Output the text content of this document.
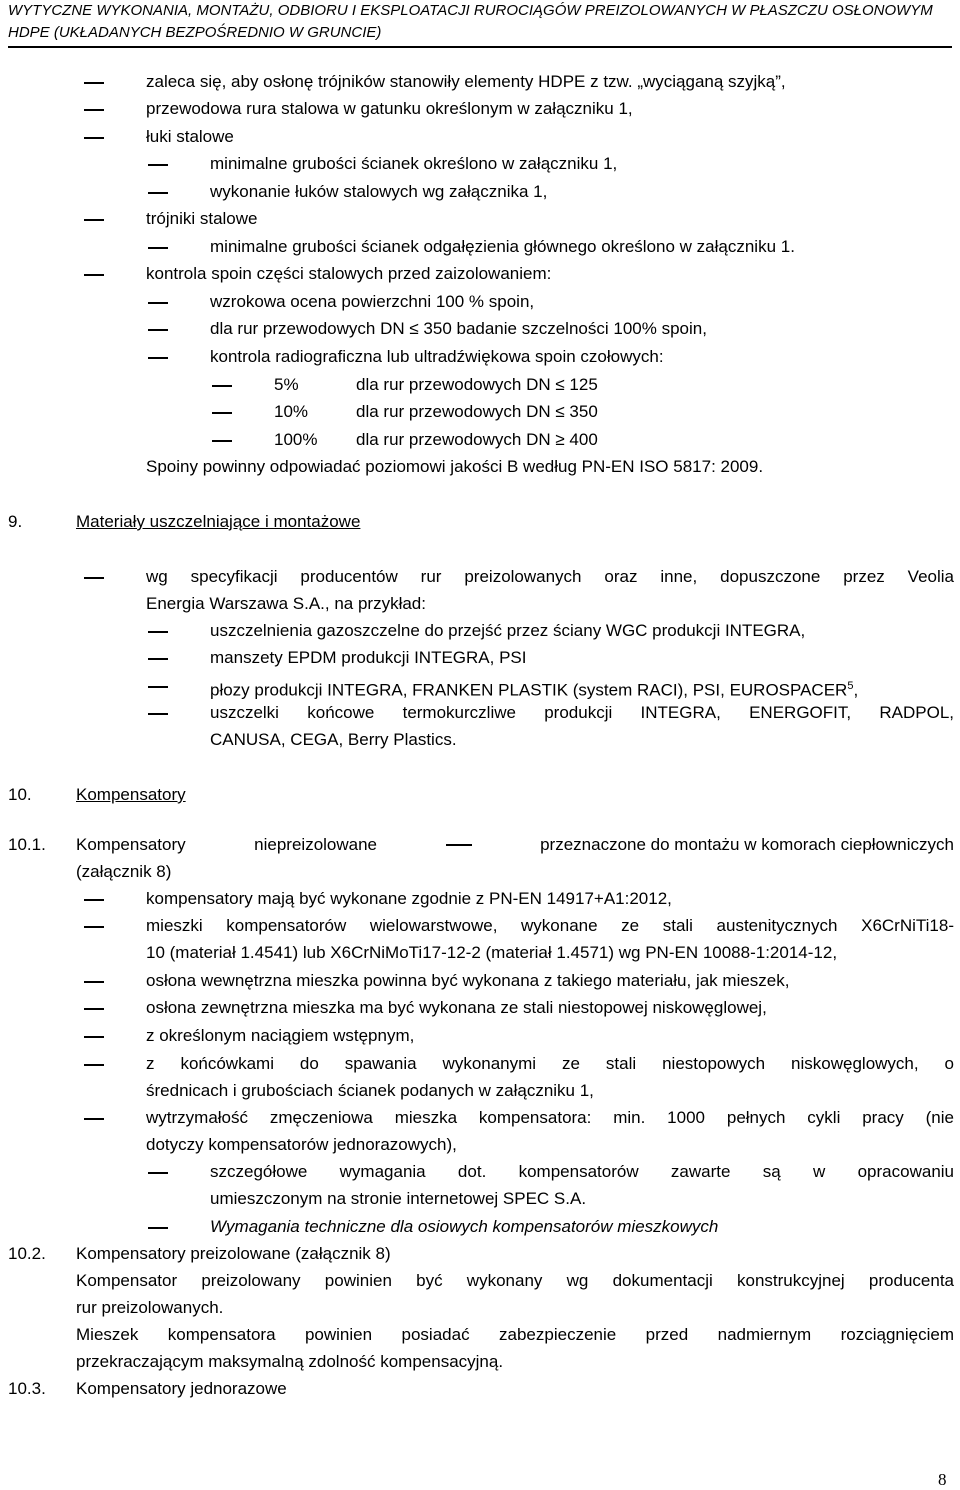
WYTYCZNE WYKONANIA, MONTAŻU, ODBIORU I EKSPLOATACJI RUROCIĄGÓW PREIZOLOWANYCH W PŁASZCZU OSŁONOWYM
HDPE (UKŁADANYCH BEZPOŚREDNIO W GRUNCIE)
zaleca się, aby osłonę trójników stanowiły elementy HDPE z tzw. „wyciąganą szyjką”,
przewodowa rura stalowa w gatunku określonym w załączniku 1,
łuki stalowe
minimalne grubości ścianek określono w załączniku 1,
wykonanie łuków stalowych wg załącznika 1,
trójniki stalowe
minimalne grubości ścianek odgałęzienia głównego określono w załączniku 1.
kontrola spoin części stalowych przed zaizolowaniem:
wzrokowa ocena powierzchni 100 % spoin,
dla rur przewodowych DN ≤ 350 badanie szczelności 100% spoin,
kontrola radiograficzna lub ultradźwiękowa spoin czołowych:
5%	dla rur przewodowych DN ≤ 125
10%	dla rur przewodowych DN ≤ 350
100% dla rur przewodowych DN ≥ 400
Spoiny powinny odpowiadać poziomowi jakości B według PN-EN ISO 5817: 2009.
9.	Materiały uszczelniające i montażowe
wg specyfikacji producentów rur preizolowanych oraz inne, dopuszczone przez Veolia
Energia Warszawa S.A., na przykład:
uszczelnienia gazoszczelne do przejść przez ściany WGC produkcji INTEGRA,
manszety EPDM produkcji INTEGRA, PSI
płozy produkcji INTEGRA, FRANKEN PLASTIK (system RACI), PSI, EUROSPACER$^5$,
uszczelki końcowe termokurczliwe produkcji INTEGRA, ENERGOFIT, RADPOL,
CANUSA, CEGA, Berry Plastics.
10.	Kompensatory
10.1. Kompensatory	niepreizolowane	przeznaczone do montażu w komorach ciepłowniczych
(załącznik 8)
kompensatory mają być wykonane zgodnie z PN-EN 14917+A1:2012,
mieszki kompensatorów wielowarstwowe, wykonane ze stali austenitycznych X6CrNiTi18-
10 (materiał 1.4541) lub X6CrNiMoTi17-12-2 (materiał 1.4571) wg PN-EN 10088-1:2014-12,
osłona wewnętrzna mieszka powinna być wykonana z takiego materiału, jak mieszek,
osłona zewnętrzna mieszka ma być wykonana ze stali niestopowej niskowęglowej,
z określonym naciągiem wstępnym,
z końcówkami do spawania wykonanymi ze stali niestopowych niskowęglowych, o
średnicach i grubościach ścianek podanych w załączniku 1,
wytrzymałość zmęczeniowa mieszka kompensatora: min. 1000 pełnych cykli pracy (nie
dotyczy kompensatorów jednorazowych),
szczegółowe wymagania dot. kompensatorów zawarte są w opracowaniu
umieszczonym na stronie internetowej SPEC S.A.
Wymagania techniczne dla osiowych kompensatorów mieszkowych
10.2. Kompensatory preizolowane (załącznik 8)
Kompensator preizolowany powinien być wykonany wg dokumentacji konstrukcyjnej producenta
rur preizolowanych.
Mieszek kompensatora powinien posiadać zabezpieczenie przed nadmiernym rozciągnięciem
przekraczającym maksymalną zdolność kompensacyjną.
10.3. Kompensatory jednorazowe
8
